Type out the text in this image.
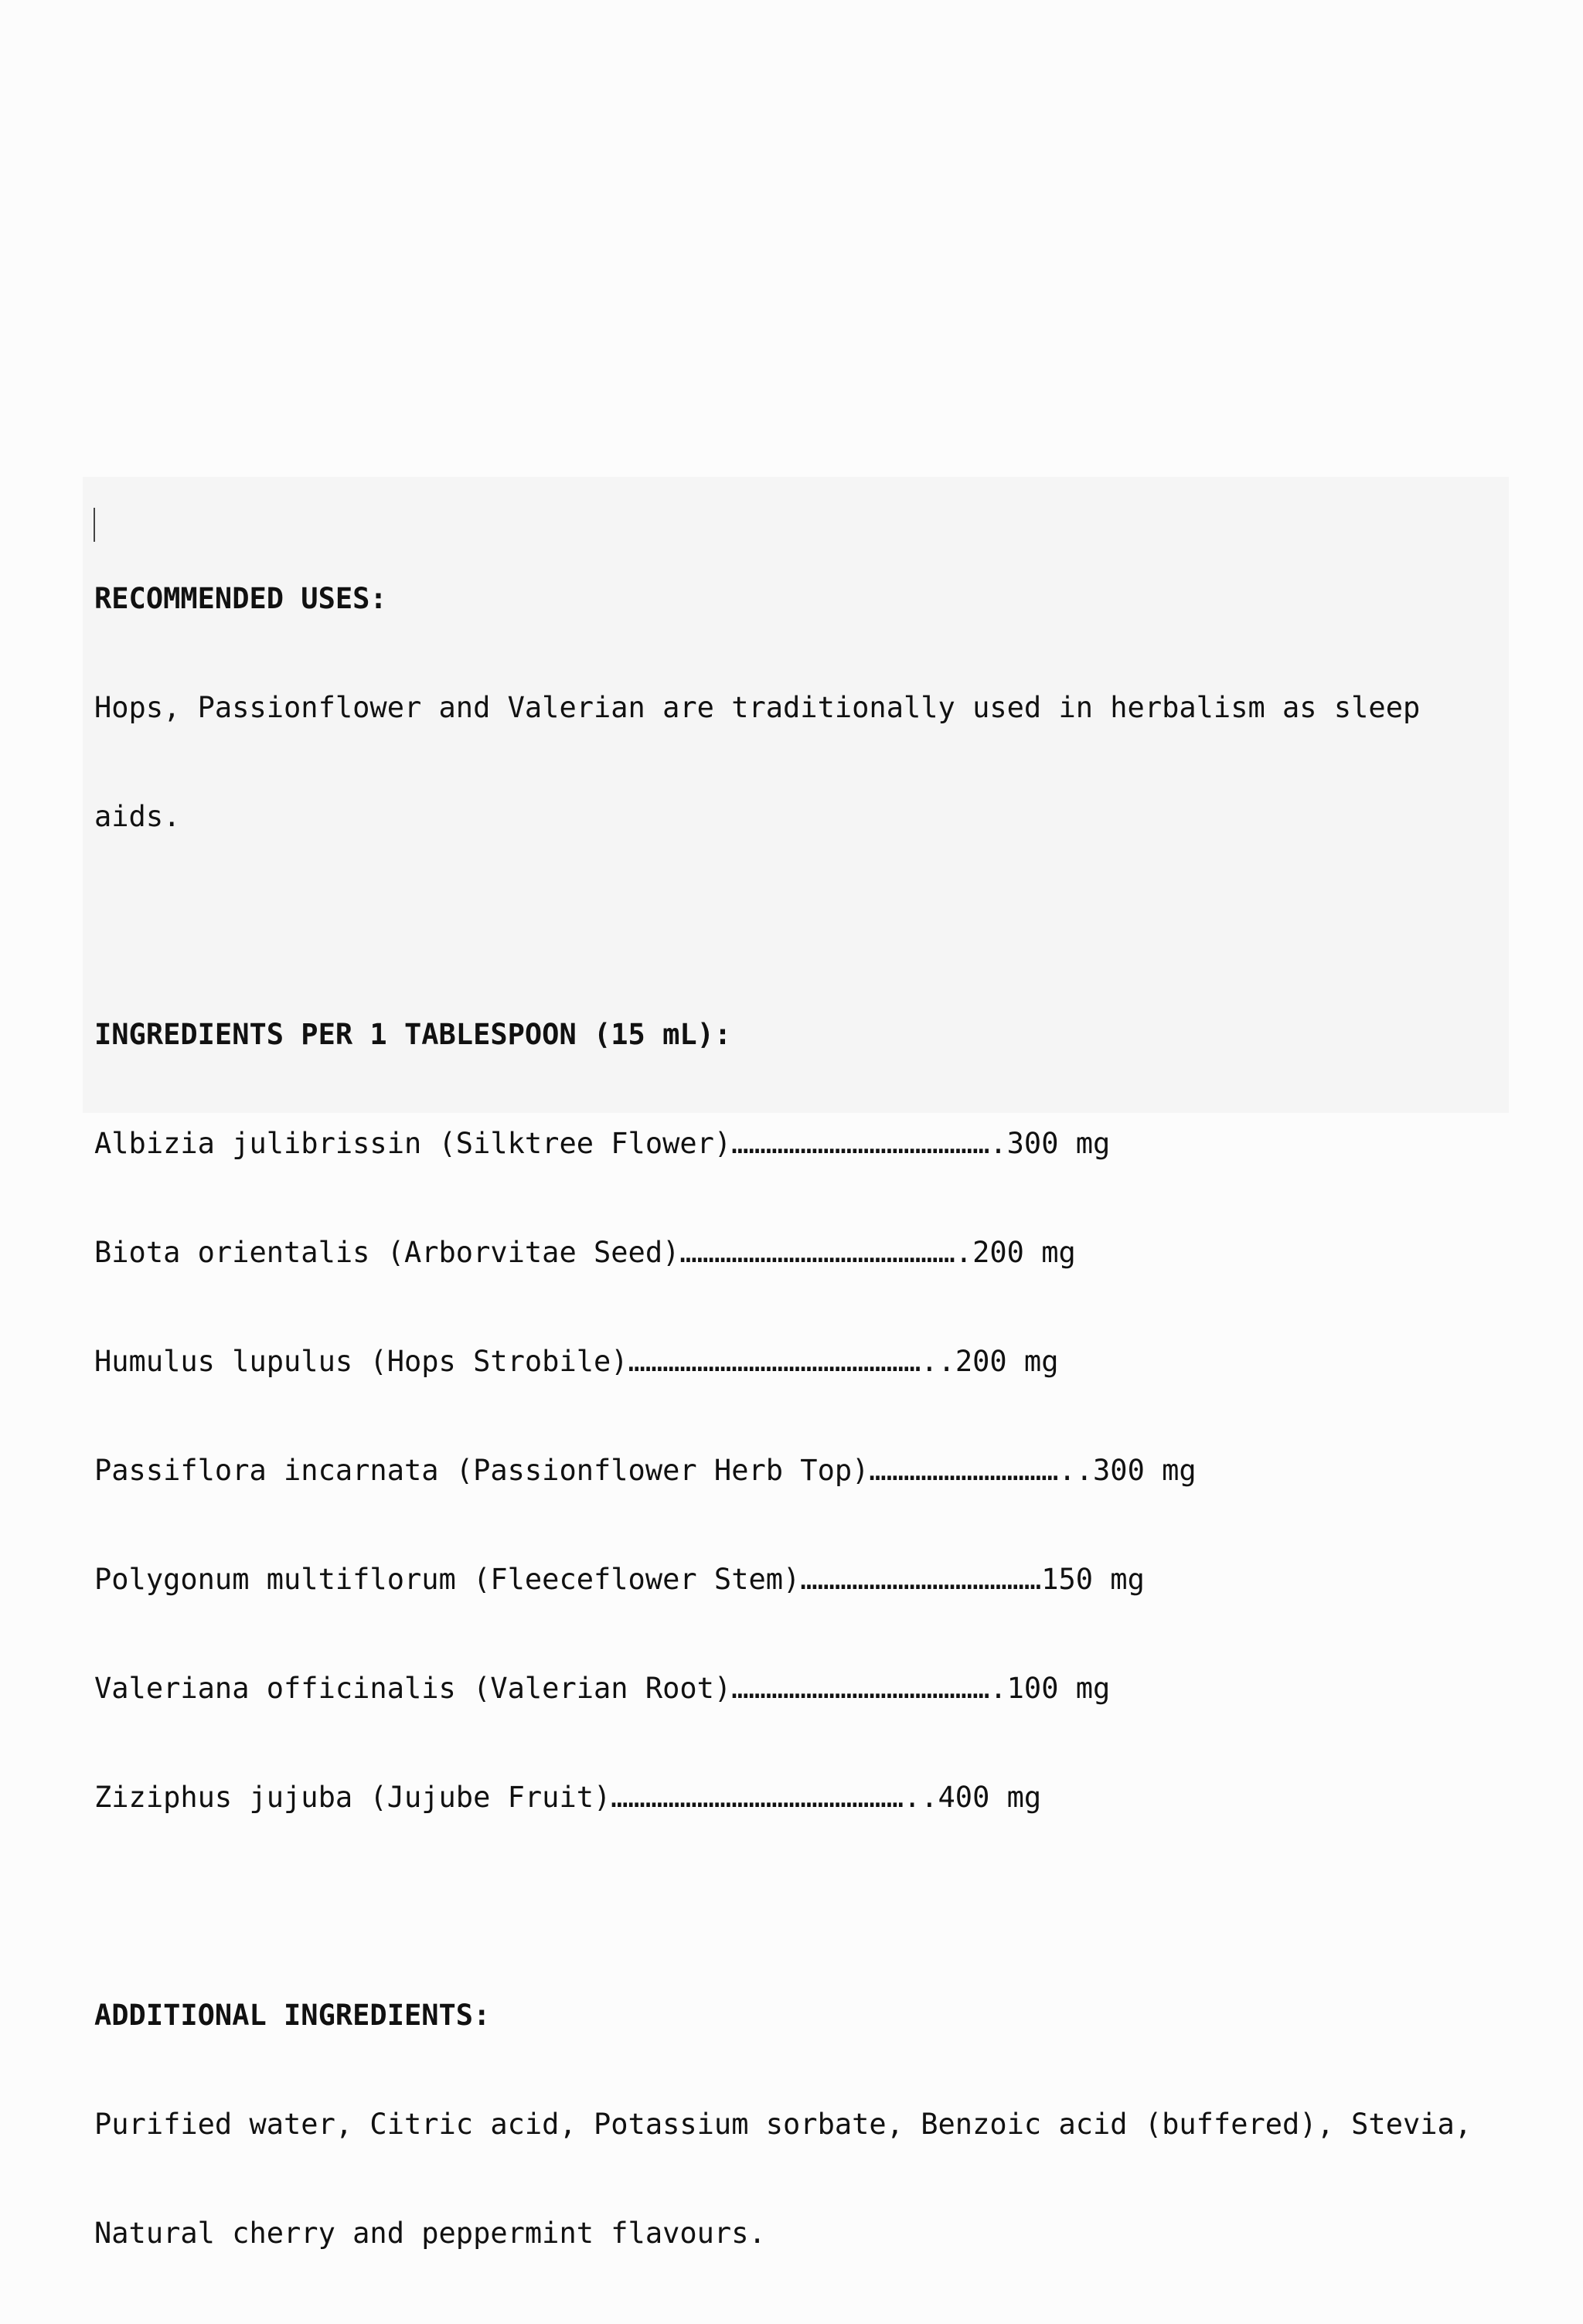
RECOMMENDED USES:

Hops, Passionflower and Valerian are traditionally used in herbalism as sleep

aids.

INGREDIENTS PER 1 TABLESPOON (15 mL):

Albizia julibrissin (Silktree Flower)……………………………………….300 mg

Biota orientalis (Arborvitae Seed)………………………………………….200 mg

Humulus lupulus (Hops Strobile)……………………………………………..200 mg

Passiflora incarnata (Passionflower Herb Top)……………………………..300 mg

Polygonum multiflorum (Fleeceflower Stem)……………………………………150 mg

Valeriana officinalis (Valerian Root)……………………………………….100 mg

Ziziphus jujuba (Jujube Fruit)……………………………………………..400 mg

ADDITIONAL INGREDIENTS:

Purified water, Citric acid, Potassium sorbate, Benzoic acid (buffered), Stevia,

Natural cherry and peppermint flavours.
